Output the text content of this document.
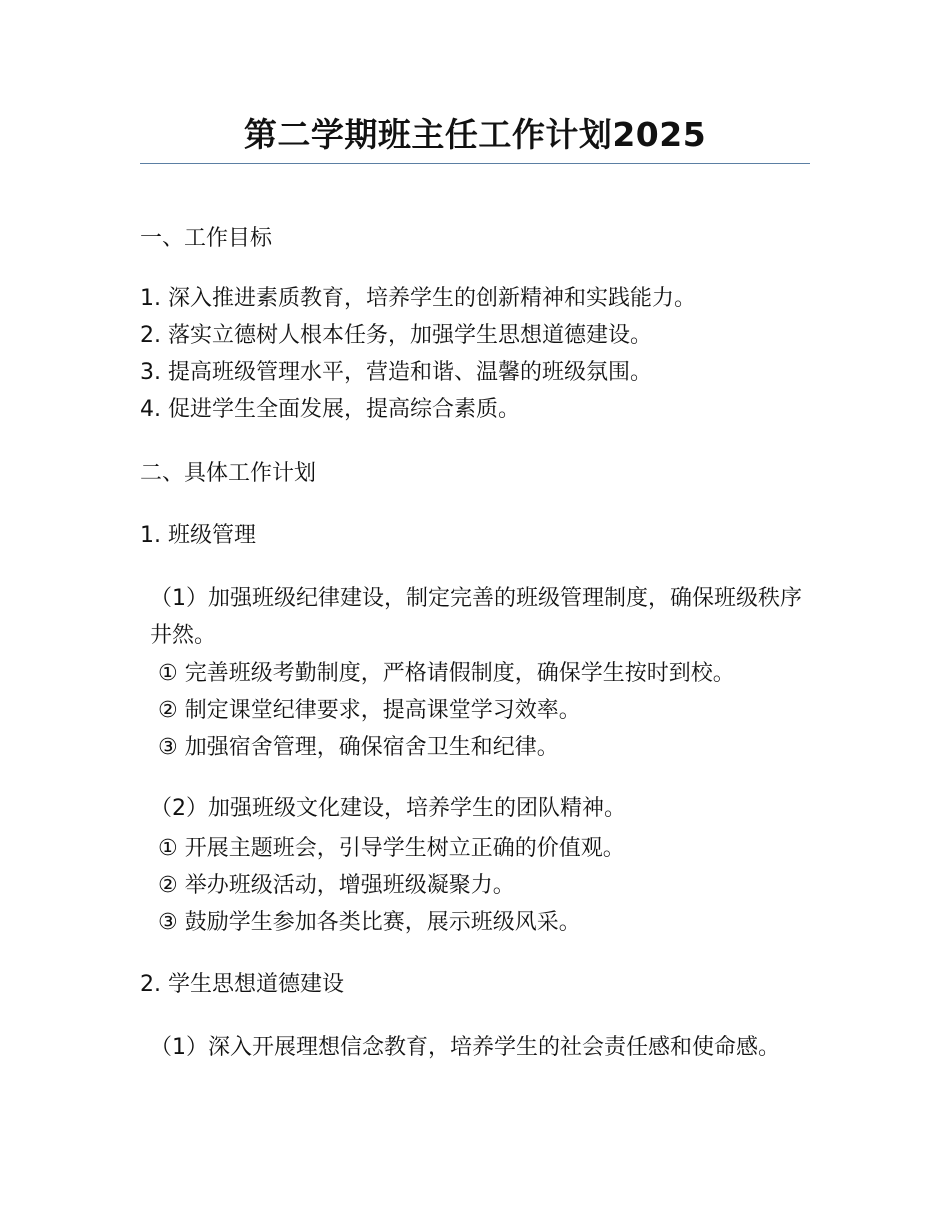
第二学期班主任工作计划2025
一、工作目标
1. 深入推进素质教育，培养学生的创新精神和实践能力。
2. 落实立德树人根本任务，加强学生思想道德建设。
3. 提高班级管理水平，营造和谐、温馨的班级氛围。
4. 促进学生全面发展，提高综合素质。
二、具体工作计划
1. 班级管理
（1）加强班级纪律建设，制定完善的班级管理制度，确保班级秩序井然。
① 完善班级考勤制度，严格请假制度，确保学生按时到校。
② 制定课堂纪律要求，提高课堂学习效率。
③ 加强宿舍管理，确保宿舍卫生和纪律。
（2）加强班级文化建设，培养学生的团队精神。
① 开展主题班会，引导学生树立正确的价值观。
② 举办班级活动，增强班级凝聚力。
③ 鼓励学生参加各类比赛，展示班级风采。
2. 学生思想道德建设
（1）深入开展理想信念教育，培养学生的社会责任感和使命感。
